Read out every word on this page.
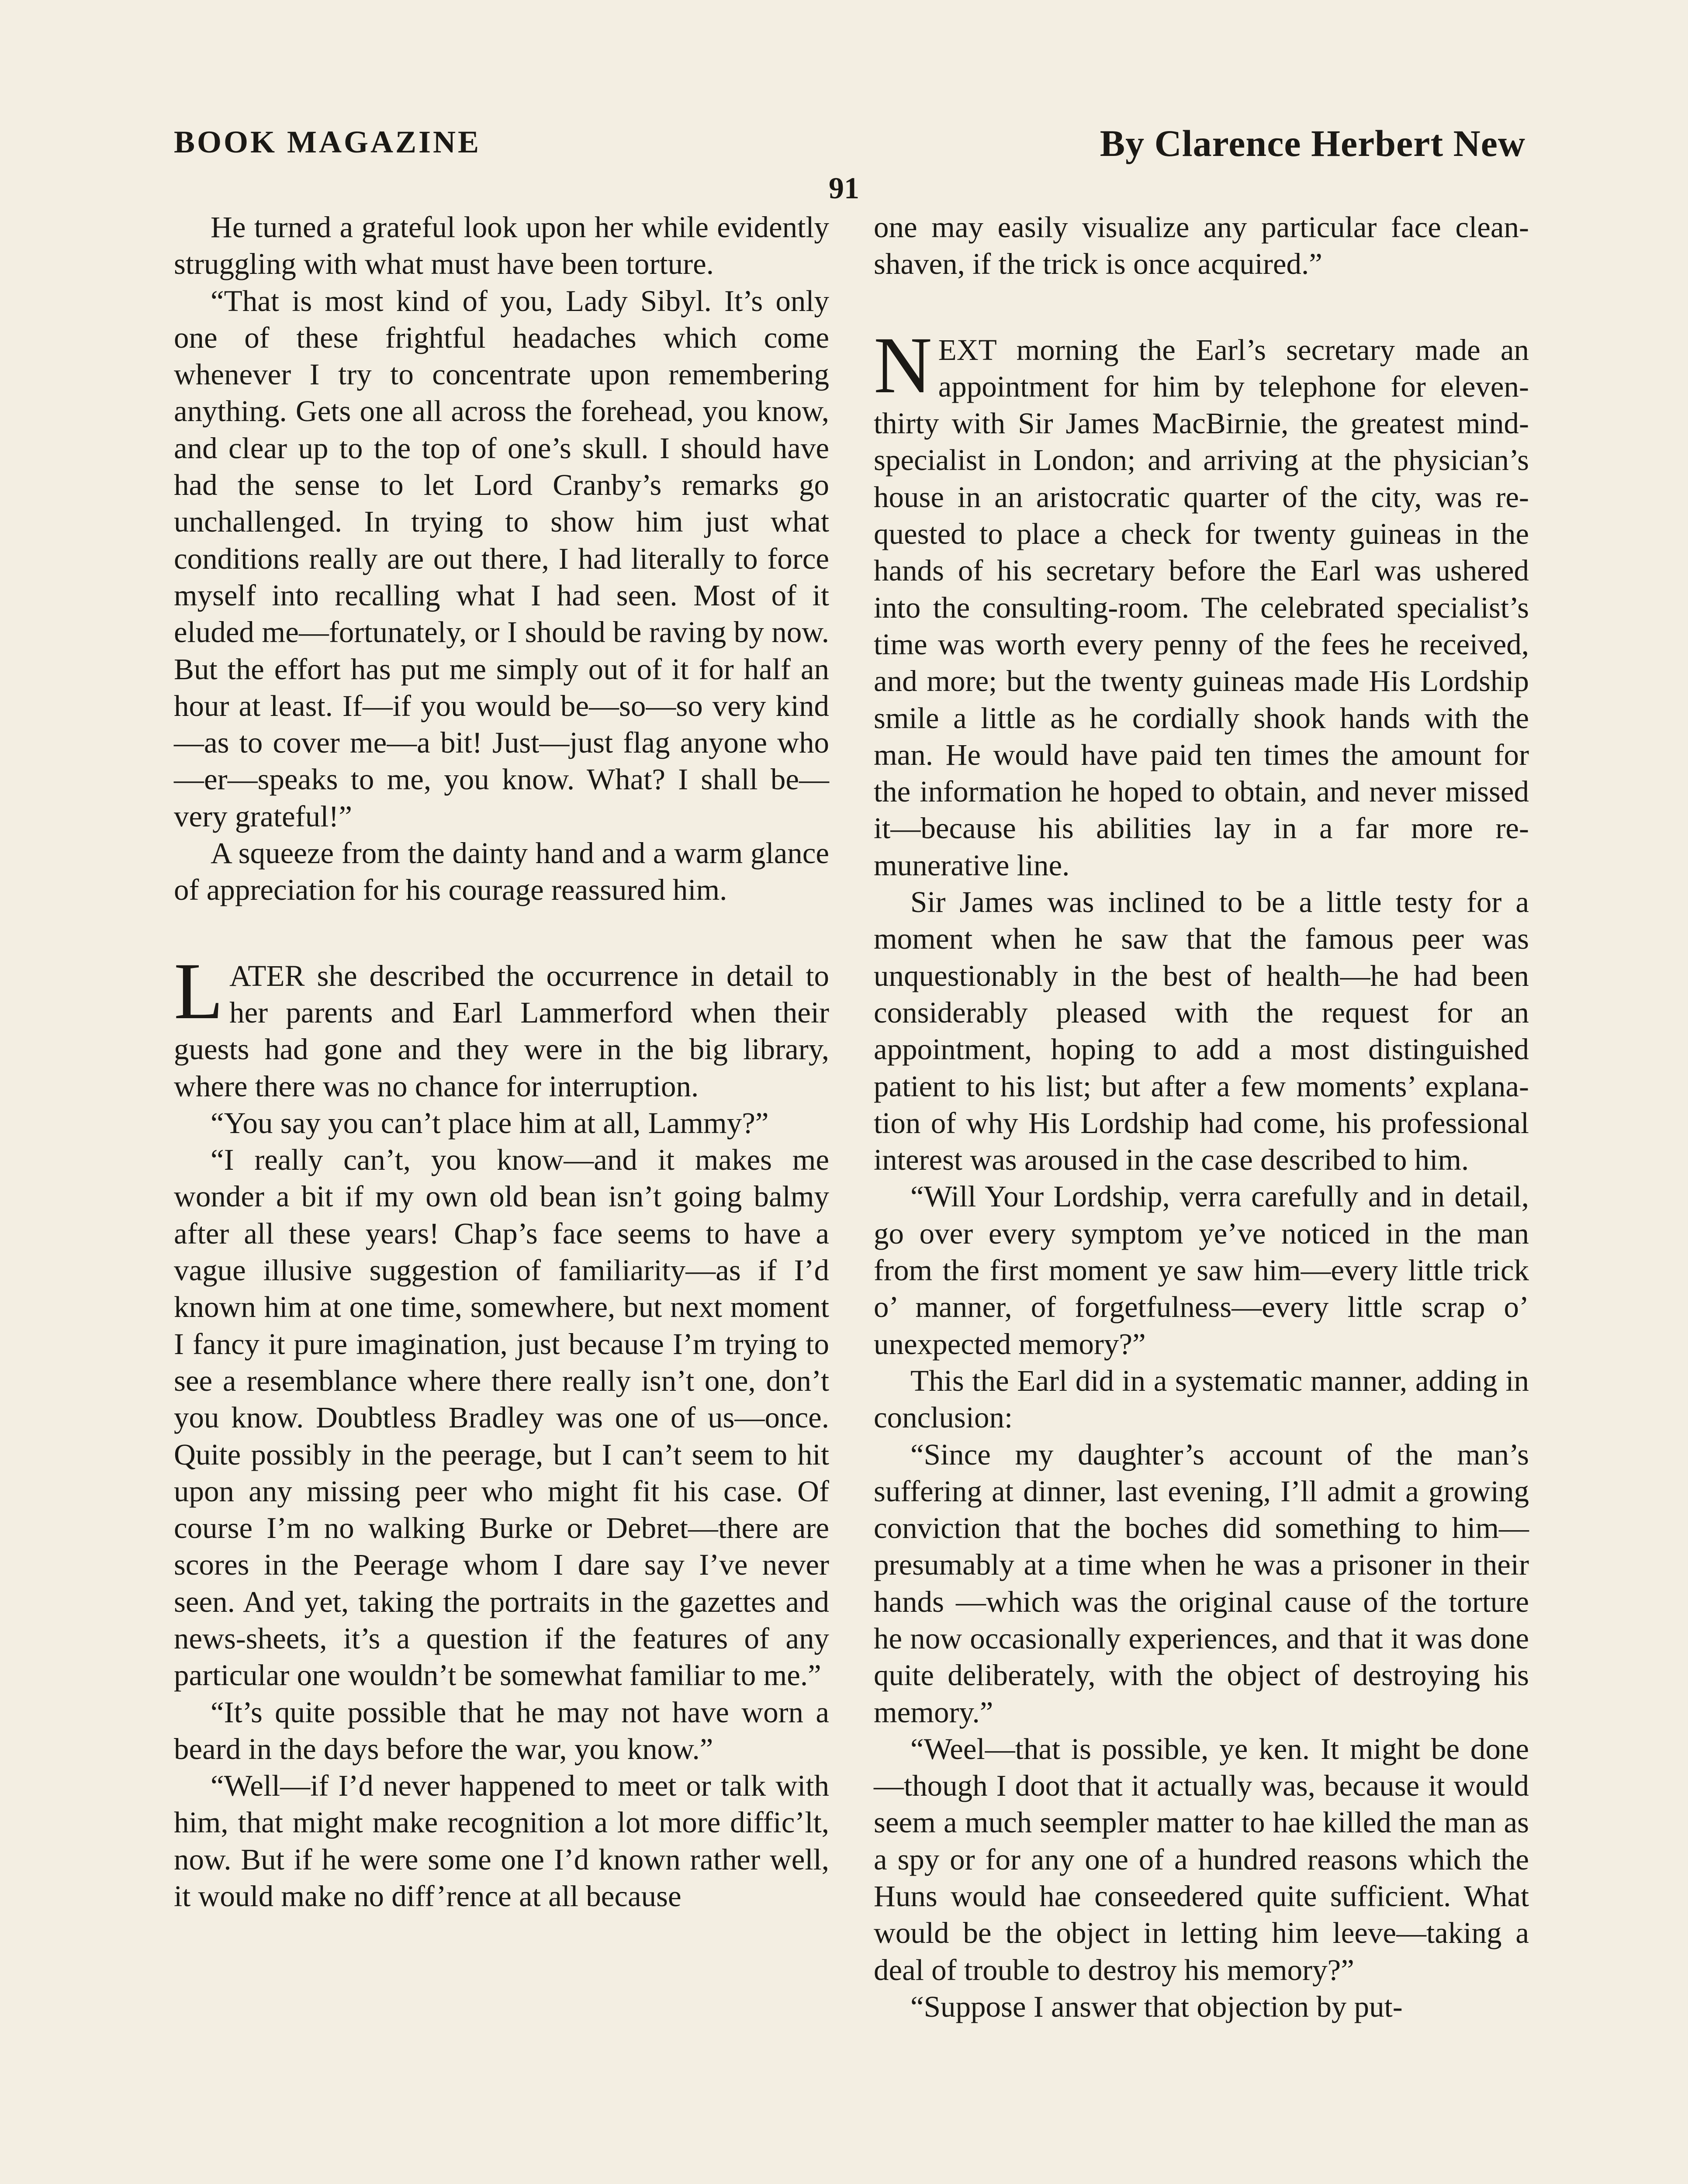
BOOK MAGAZINE	By Clarence Herbert New
91

He turned a grateful look upon her while evidently struggling with what must have been torture.

“That is most kind of you, Lady Sibyl. It’s only one of these frightful headaches which come whenever I try to concentrate upon remembering anything. Gets one all across the forehead, you know, and clear up to the top of one’s skull. I should have had the sense to let Lord Cranby’s remarks go unchallenged. In trying to show him just what conditions really are out there, I had literally to force myself into recalling what I had seen. Most of it eluded me—fortunately, or I should be raving by now. But the effort has put me simply out of it for half an hour at least. If—if you would be—so—so very kind—as to cover me—a bit! Just—just flag anyone who—er—speaks to me, you know. What? I shall be—very grateful!”

A squeeze from the dainty hand and a warm glance of appreciation for his courage reassured him.

LATER she described the occurrence in detail to her parents and Earl Lammerford when their guests had gone and they were in the big library, where there was no chance for interruption.

“You say you can’t place him at all, Lammy?”

“I really can’t, you know—and it makes me wonder a bit if my own old bean isn’t going balmy after all these years! Chap’s face seems to have a vague illusive suggestion of familiarity—as if I’d known him at one time, somewhere, but next moment I fancy it pure imagination, just because I’m trying to see a resemblance where there really isn’t one, don’t you know. Doubtless Bradley was one of us—once. Quite possibly in the peerage, but I can’t seem to hit upon any missing peer who might fit his case. Of course I’m no walking Burke or Debret—there are scores in the Peerage whom I dare say I’ve never seen. And yet, taking the portraits in the gazettes and news-sheets, it’s a question if the features of any particular one wouldn’t be somewhat familiar to me.”

“It’s quite possible that he may not have worn a beard in the days before the war, you know.”

“Well—if I’d never happened to meet or talk with him, that might make recognition a lot more diffic’lt, now. But if he were some one I’d known rather well, it would make no diff’rence at all because

one may easily visualize any particular face clean-shaven, if the trick is once acquired.”

NEXT morning the Earl’s secretary made an appointment for him by telephone for eleven-thirty with Sir James MacBirnie, the greatest mind-specialist in London; and arriving at the physician’s house in an aristocratic quarter of the city, was requested to place a check for twenty guineas in the hands of his secretary before the Earl was ushered into the consulting-room. The celebrated specialist’s time was worth every penny of the fees he received, and more; but the twenty guineas made His Lordship smile a little as he cordially shook hands with the man. He would have paid ten times the amount for the information he hoped to obtain, and never missed it—because his abilities lay in a far more remunerative line.

Sir James was inclined to be a little testy for a moment when he saw that the famous peer was unquestionably in the best of health—he had been considerably pleased with the request for an appointment, hoping to add a most distinguished patient to his list; but after a few moments’ explanation of why His Lordship had come, his professional interest was aroused in the case described to him.

“Will Your Lordship, verra carefully and in detail, go over every symptom ye’ve noticed in the man from the first moment ye saw him—every little trick o’ manner, of forgetfulness—every little scrap o’ unexpected memory?”

This the Earl did in a systematic manner, adding in conclusion:

“Since my daughter’s account of the man’s suffering at dinner, last evening, I’ll admit a growing conviction that the boches did something to him—presumably at a time when he was a prisoner in their hands —which was the original cause of the torture he now occasionally experiences, and that it was done quite deliberately, with the object of destroying his memory.”

“Weel—that is possible, ye ken. It might be done—though I doot that it actually was, because it would seem a much seempler matter to hae killed the man as a spy or for any one of a hundred reasons which the Huns would hae conseedered quite sufficient. What would be the object in letting him leeve—taking a deal of trouble to destroy his memory?”

“Suppose I answer that objection by put-
